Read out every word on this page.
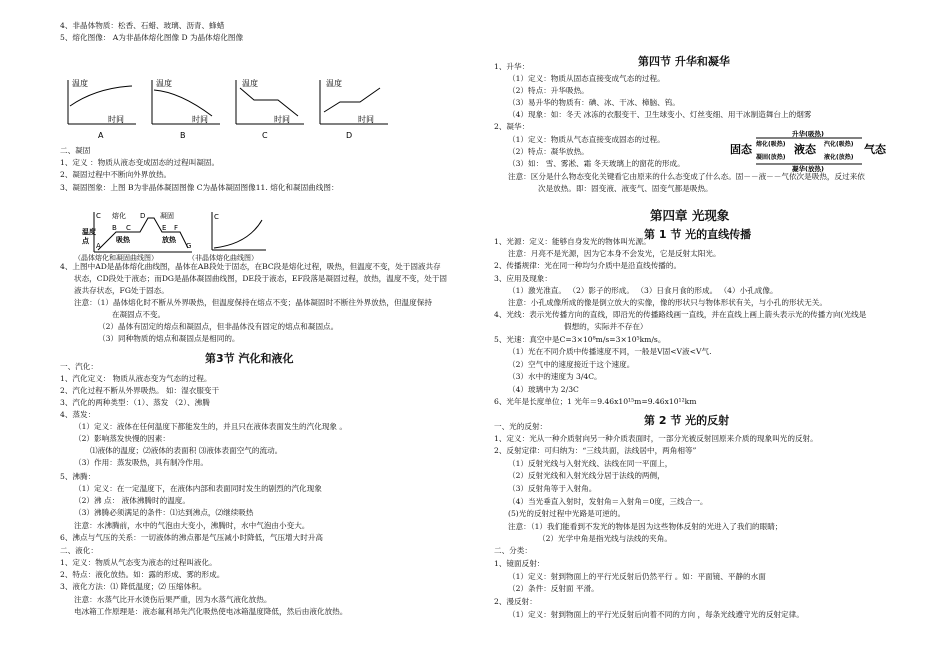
4、非晶体物质：松香、石蜡、玻璃、沥青、蜂蜡
5、熔化图像： A为非晶体熔化图像 D 为晶体熔化图像
二、凝固
1、定义 ：物质从液态变成固态的过程叫凝固。
2、凝固过程中不断向外界放热。
3、凝固图象：上图 B为非晶体凝固图像 C为晶体凝固图像11. 熔化和凝固曲线图：
4、上图中AD是晶体熔化曲线图，晶体在AB段处于固态，在BC段是熔化过程，吸热，但温度不变，处于固液共存
状态，CD段处于液态；而DG是晶体凝固曲线图，DE段于液态，EF段落是凝固过程，放热，温度不变，处于固
液共存状态，FG处于固态。
注意：（1）晶体熔化时不断从外界吸热，但温度保持在熔点不变；晶体凝固时不断往外界放热，但温度保持
在凝固点不变。
（2）晶体有固定的熔点和凝固点，但非晶体没有固定的熔点和凝固点。
（3）同种物质的熔点和凝固点是相同的。
一、汽化：
1、汽化定义： 物质从液态变为气态的过程。
2、汽化过程不断从外界吸热。 如：湿衣服变干
3、汽化的两种类型：（1）、蒸发 （2）、沸腾
4、蒸发：
（1）定义：液体在任何温度下都能发生的，并且只在液体表面发生的汽化现象 。
（2）影响蒸发快慢的因素：
⑴液体的温度；⑵液体的表面积 ⑶液体表面空气的流动。
（3）作用：蒸发吸热，具有制冷作用。
5、沸腾：
（1）定义：在一定温度下，在液体内部和表面同时发生的剧烈的汽化现象
（2）沸 点： 液体沸腾时的温度。
（3）沸腾必须满足的条件：⑴达到沸点，⑵继续吸热
注意：水沸腾前，水中的气泡由大变小，沸腾时，水中气泡由小变大。
6、沸点与气压的关系：一切液体的沸点都是气压减小时降低，气压增大时升高
二、液化：
1、定义：物质从气态变为液态的过程叫液化。
2、特点：液化放热。如：露的形成、雾的形成。
3、液化方法：⑴ 降低温度；⑵ 压缩体积。
注意：水蒸气比开水烫伤后果严重，因为水蒸气液化放热。
电冰箱工作原理是：液态氟利昂先汽化吸热使电冰箱温度降低，然后由液化放热。
温度
时间
A
温度
时间
B
温度
时间
C
温度
时间
D
C 熔化 D 凝固
温度
点
B C	E F
A
吸热	放热
G
（晶体熔化和凝固曲线图）
C
（非晶体熔化曲线图）
第3节 汽化和液化
第四节 升华和凝华
1、升华：
（1）定义：物质从固态直接变成气态的过程。
（2）特点：升华吸热。
（3）易升华的物质有：碘、冰、干冰、樟脑、钨。
（4）现象：如：冬天 冰冻的衣服变干、卫生球变小、灯丝变细、用干冰制造舞台上的烟雾
2、凝华：
（1）定义：物质从气态直接变成固态的过程。
（2）特点：凝华放热。
（3）如： 雪、雾凇、霜 冬天玻璃上的窗花的形成。
注意：区分是什么物态变化关键看它由原来的什么态变成了什么态。固－－液－－气依次是吸热，反过来依
次是放热。即：固变液、液变气、固变气都是吸热。
1、光源：定义：能够自身发光的物体叫光源。
注意：月亮不是光源，因为它本身不会发光，它是反射太阳光。
2、传播规律：光在同一种均匀介质中是沿直线传播的。
3、应用及现象：
（1）激光准直。 （2）影子的形成。 （3）日食月食的形成。 （4）小孔成像。
注意：小孔成像所成的像是倒立放大的实像，像的形状只与物体形状有关，与小孔的形状无关。
4、光线：表示光传播方向的直线，即沿光的传播路线画一直线，并在直线上画上箭头表示光的传播方向(光线是
假想的，实际并不存在）
5、光速：真空中是C=3×10⁸m/s=3×10⁵km/s。
（1）光在不同介质中传播速度不同，一般是V固<V液<V气.
（2）空气中的速度接近于这个速度。
（3）水中的速度为 3/4C。
（4）玻璃中为 2/3C
6、光年是长度单位；1 光年＝9.46x10¹⁵m=9.46x10¹²km
一、光的反射：
1、定义：光从一种介质射向另一种介质表面时，一部分光被反射回原来介质的现象叫光的反射。
2、反射定律：可归纳为：“三线共面，法线居中，两角相等”
（1）反射光线与入射光线、法线在同一平面上，
（2）反射光线和入射光线分居于法线的两侧，
（3）反射角等于入射角。
（4）当光垂直入射时，发射角＝入射角＝0度，三线合一。
(5)光的反射过程中光路是可逆的。
注意：（1）我们能看到不发光的物体是因为这些物体反射的光进入了我们的眼睛；
（2）光学中角是指光线与法线的夹角。
二、分类：
1、镜面反射：
（1）定义：射到物面上的平行光反射后仍然平行 。如：平面镜、平静的水面
（2）条件：反射面 平滑。
2、漫反射：
（1）定义：射到物面上的平行光反射后向着不同的方向 ，每条光线遵守光的反射定律。
固态	液态	气态
升华(吸热)
熔化(吸热)	汽化(吸热)
凝固(放热)	液化(放热)
凝华(放热)
第四章 光现象
第 1 节 光的直线传播
第 2 节 光的反射
